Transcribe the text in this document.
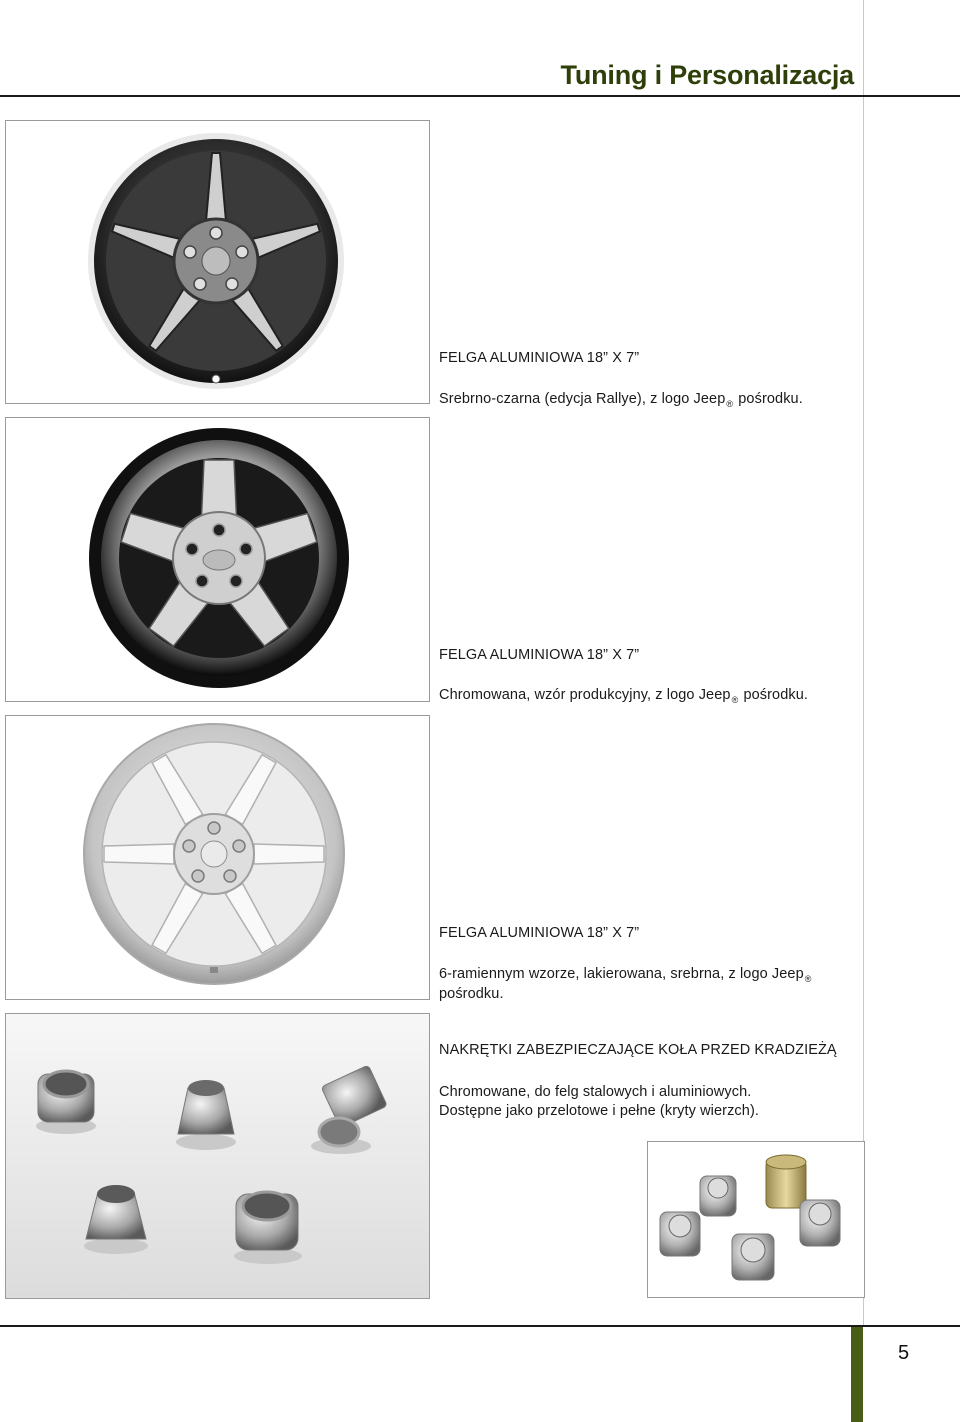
Tuning i Personalizacja
FELGA ALUMINIOWA 18” X 7”
Srebrno-czarna (edycja Rallye), z logo Jeep$_®$ pośrodku.
FELGA ALUMINIOWA 18” X 7”
Chromowana, wzór produkcyjny, z logo Jeep$_®$ pośrodku.
FELGA ALUMINIOWA 18” X 7”
6-ramiennym wzorze, lakierowana, srebrna, z logo Jeep$_®$
pośrodku.
NAKRĘTKI ZABEZPIECZAJĄCE KOŁA PRZED KRADZIEŻĄ
Chromowane, do felg stalowych i aluminiowych.
Dostępne jako przelotowe i pełne (kryty wierzch).
5
